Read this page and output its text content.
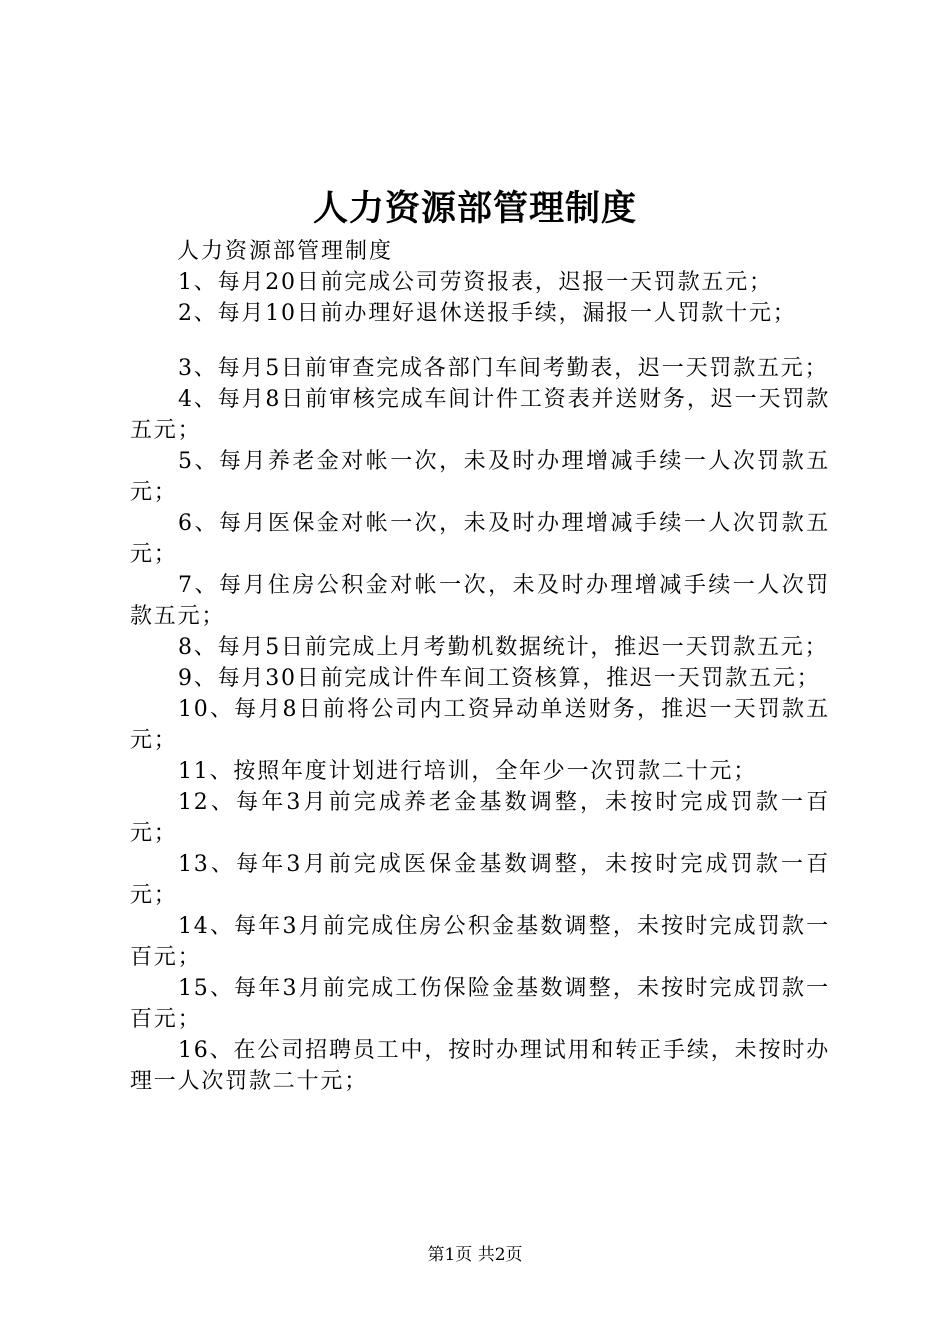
人力资源部管理制度
人力资源部管理制度
1、每月20日前完成公司劳资报表，迟报一天罚款五元；
2、每月10日前办理好退休送报手续，漏报一人罚款十元；
3、每月5日前审查完成各部门车间考勤表，迟一天罚款五元；
4、每月8日前审核完成车间计件工资表并送财务，迟一天罚款五元；
5、每月养老金对帐一次，未及时办理增减手续一人次罚款五元；
6、每月医保金对帐一次，未及时办理增减手续一人次罚款五元；
7、每月住房公积金对帐一次，未及时办理增减手续一人次罚款五元；
8、每月5日前完成上月考勤机数据统计，推迟一天罚款五元；
9、每月30日前完成计件车间工资核算，推迟一天罚款五元；
10、每月8日前将公司内工资异动单送财务，推迟一天罚款五元；
11、按照年度计划进行培训，全年少一次罚款二十元；
12、每年3月前完成养老金基数调整，未按时完成罚款一百元；
13、每年3月前完成医保金基数调整，未按时完成罚款一百元；
14、每年3月前完成住房公积金基数调整，未按时完成罚款一百元；
15、每年3月前完成工伤保险金基数调整，未按时完成罚款一百元；
16、在公司招聘员工中，按时办理试用和转正手续，未按时办理一人次罚款二十元；
第1页 共2页
